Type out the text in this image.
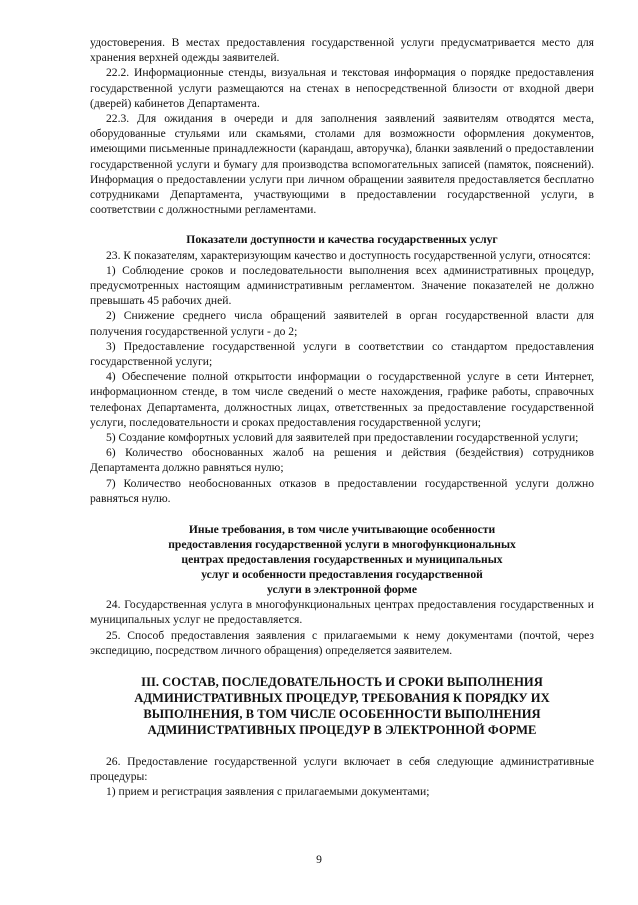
удостоверения. В местах предоставления государственной услуги предусматривается место для хранения верхней одежды заявителей.

22.2. Информационные стенды, визуальная и текстовая информация о порядке предоставления государственной услуги размещаются на стенах в непосредственной близости от входной двери (дверей) кабинетов Департамента.

22.3. Для ожидания в очереди и для заполнения заявлений заявителям отводятся места, оборудованные стульями или скамьями, столами для возможности оформления документов, имеющими письменные принадлежности (карандаш, авторучка), бланки заявлений о предоставлении государственной услуги и бумагу для производства вспомогательных записей (памяток, пояснений). Информация о предоставлении услуги при личном обращении заявителя предоставляется бесплатно сотрудниками Департамента, участвующими в предоставлении государственной услуги, в соответствии с должностными регламентами.

Показатели доступности и качества государственных услуг

23. К показателям, характеризующим качество и доступность государственной услуги, относятся:

1) Соблюдение сроков и последовательности выполнения всех административных процедур, предусмотренных настоящим административным регламентом. Значение показателей не должно превышать 45 рабочих дней.

2) Снижение среднего числа обращений заявителей в орган государственной власти для получения государственной услуги - до 2;

3) Предоставление государственной услуги в соответствии со стандартом предоставления государственной услуги;

4) Обеспечение полной открытости информации о государственной услуге в сети Интернет, информационном стенде, в том числе сведений о месте нахождения, графике работы, справочных телефонах Департамента, должностных лицах, ответственных за предоставление государственной услуги, последовательности и сроках предоставления государственной услуги;

5) Создание комфортных условий для заявителей при предоставлении государственной услуги;

6) Количество обоснованных жалоб на решения и действия (бездействия) сотрудников Департамента должно равняться нулю;

7) Количество необоснованных отказов в предоставлении государственной услуги должно равняться нулю.

Иные требования, в том числе учитывающие особенности
предоставления государственной услуги в многофункциональных
центрах предоставления государственных и муниципальных
услуг и особенности предоставления государственной
услуги в электронной форме

24. Государственная услуга в многофункциональных центрах предоставления государственных и муниципальных услуг не предоставляется.

25. Способ предоставления заявления с прилагаемыми к нему документами (почтой, через экспедицию, посредством личного обращения) определяется заявителем.

III. СОСТАВ, ПОСЛЕДОВАТЕЛЬНОСТЬ И СРОКИ ВЫПОЛНЕНИЯ АДМИНИСТРАТИВНЫХ ПРОЦЕДУР, ТРЕБОВАНИЯ К ПОРЯДКУ ИХ ВЫПОЛНЕНИЯ, В ТОМ ЧИСЛЕ ОСОБЕННОСТИ ВЫПОЛНЕНИЯ АДМИНИСТРАТИВНЫХ ПРОЦЕДУР В ЭЛЕКТРОННОЙ ФОРМЕ

26. Предоставление государственной услуги включает в себя следующие административные процедуры:

1) прием и регистрация заявления с прилагаемыми документами;

9
